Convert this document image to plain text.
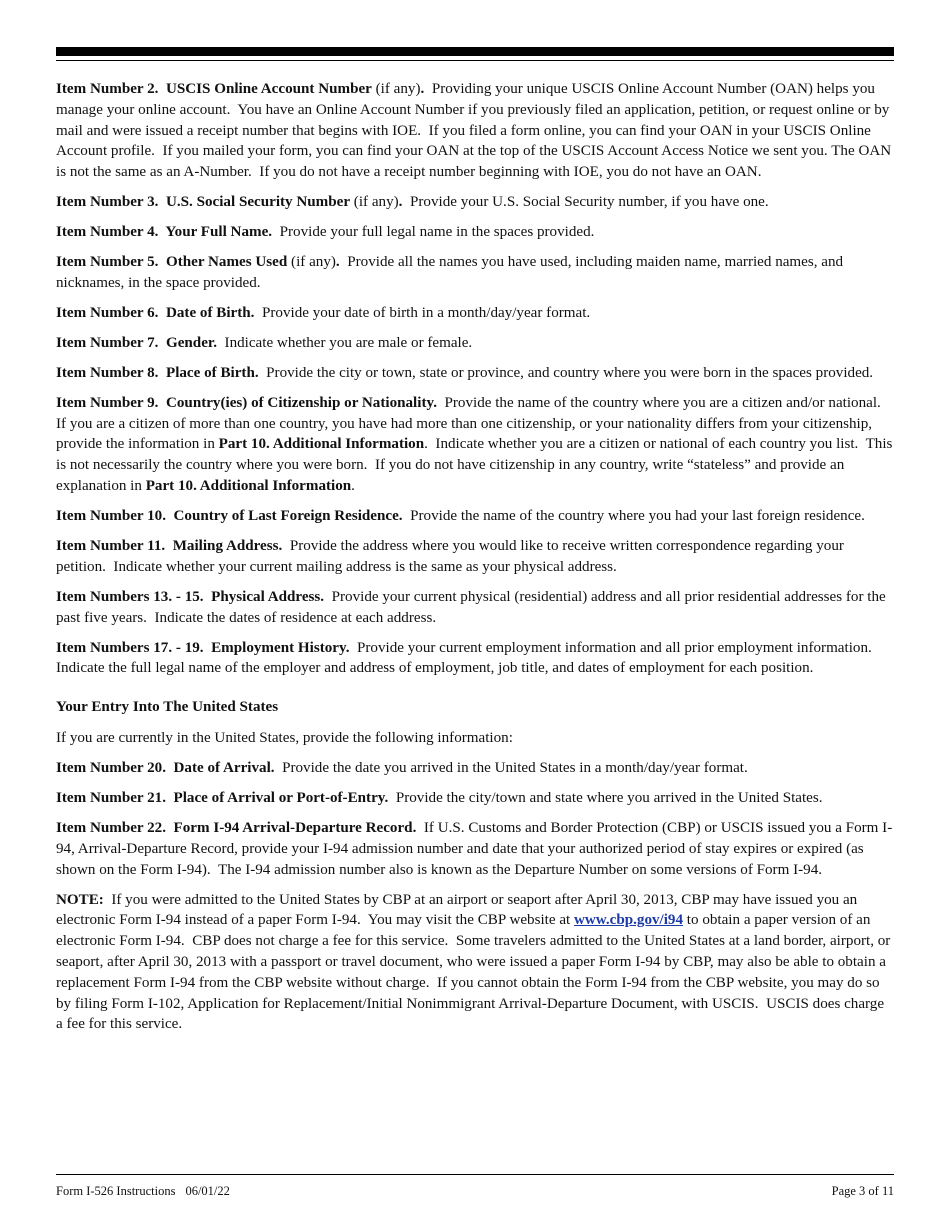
Item Number 2.  USCIS Online Account Number (if any).  Providing your unique USCIS Online Account Number (OAN) helps you manage your online account.  You have an Online Account Number if you previously filed an application, petition, or request online or by mail and were issued a receipt number that begins with IOE.  If you filed a form online, you can find your OAN in your USCIS Online Account profile.  If you mailed your form, you can find your OAN at the top of the USCIS Account Access Notice we sent you. The OAN is not the same as an A-Number.  If you do not have a receipt number beginning with IOE, you do not have an OAN.

Item Number 3.  U.S. Social Security Number (if any).  Provide your U.S. Social Security number, if you have one.

Item Number 4.  Your Full Name.  Provide your full legal name in the spaces provided.

Item Number 5.  Other Names Used (if any).  Provide all the names you have used, including maiden name, married names, and nicknames, in the space provided.

Item Number 6.  Date of Birth.  Provide your date of birth in a month/day/year format.

Item Number 7.  Gender.  Indicate whether you are male or female.

Item Number 8.  Place of Birth.  Provide the city or town, state or province, and country where you were born in the spaces provided.

Item Number 9.  Country(ies) of Citizenship or Nationality.  Provide the name of the country where you are a citizen and/or national.  If you are a citizen of more than one country, you have had more than one citizenship, or your nationality differs from your citizenship, provide the information in Part 10. Additional Information.  Indicate whether you are a citizen or national of each country you list.  This is not necessarily the country where you were born.  If you do not have citizenship in any country, write “stateless” and provide an explanation in Part 10. Additional Information.

Item Number 10.  Country of Last Foreign Residence.  Provide the name of the country where you had your last foreign residence.

Item Number 11.  Mailing Address.  Provide the address where you would like to receive written correspondence regarding your petition.  Indicate whether your current mailing address is the same as your physical address.

Item Numbers 13. - 15.  Physical Address.  Provide your current physical (residential) address and all prior residential addresses for the past five years.  Indicate the dates of residence at each address.

Item Numbers 17. - 19.  Employment History.  Provide your current employment information and all prior employment information.  Indicate the full legal name of the employer and address of employment, job title, and dates of employment for each position.

Your Entry Into The United States

If you are currently in the United States, provide the following information:

Item Number 20.  Date of Arrival.  Provide the date you arrived in the United States in a month/day/year format.

Item Number 21.  Place of Arrival or Port-of-Entry.  Provide the city/town and state where you arrived in the United States.

Item Number 22.  Form I-94 Arrival-Departure Record.  If U.S. Customs and Border Protection (CBP) or USCIS issued you a Form I-94, Arrival-Departure Record, provide your I-94 admission number and date that your authorized period of stay expires or expired (as shown on the Form I-94).  The I-94 admission number also is known as the Departure Number on some versions of Form I-94.

NOTE:  If you were admitted to the United States by CBP at an airport or seaport after April 30, 2013, CBP may have issued you an electronic Form I-94 instead of a paper Form I-94.  You may visit the CBP website at www.cbp.gov/i94 to obtain a paper version of an electronic Form I-94.  CBP does not charge a fee for this service.  Some travelers admitted to the United States at a land border, airport, or seaport, after April 30, 2013 with a passport or travel document, who were issued a paper Form I-94 by CBP, may also be able to obtain a replacement Form I-94 from the CBP website without charge.  If you cannot obtain the Form I-94 from the CBP website, you may do so by filing Form I-102, Application for Replacement/Initial Nonimmigrant Arrival-Departure Document, with USCIS.  USCIS does charge a fee for this service.

Form I-526 Instructions 06/01/22	Page 3 of 11
